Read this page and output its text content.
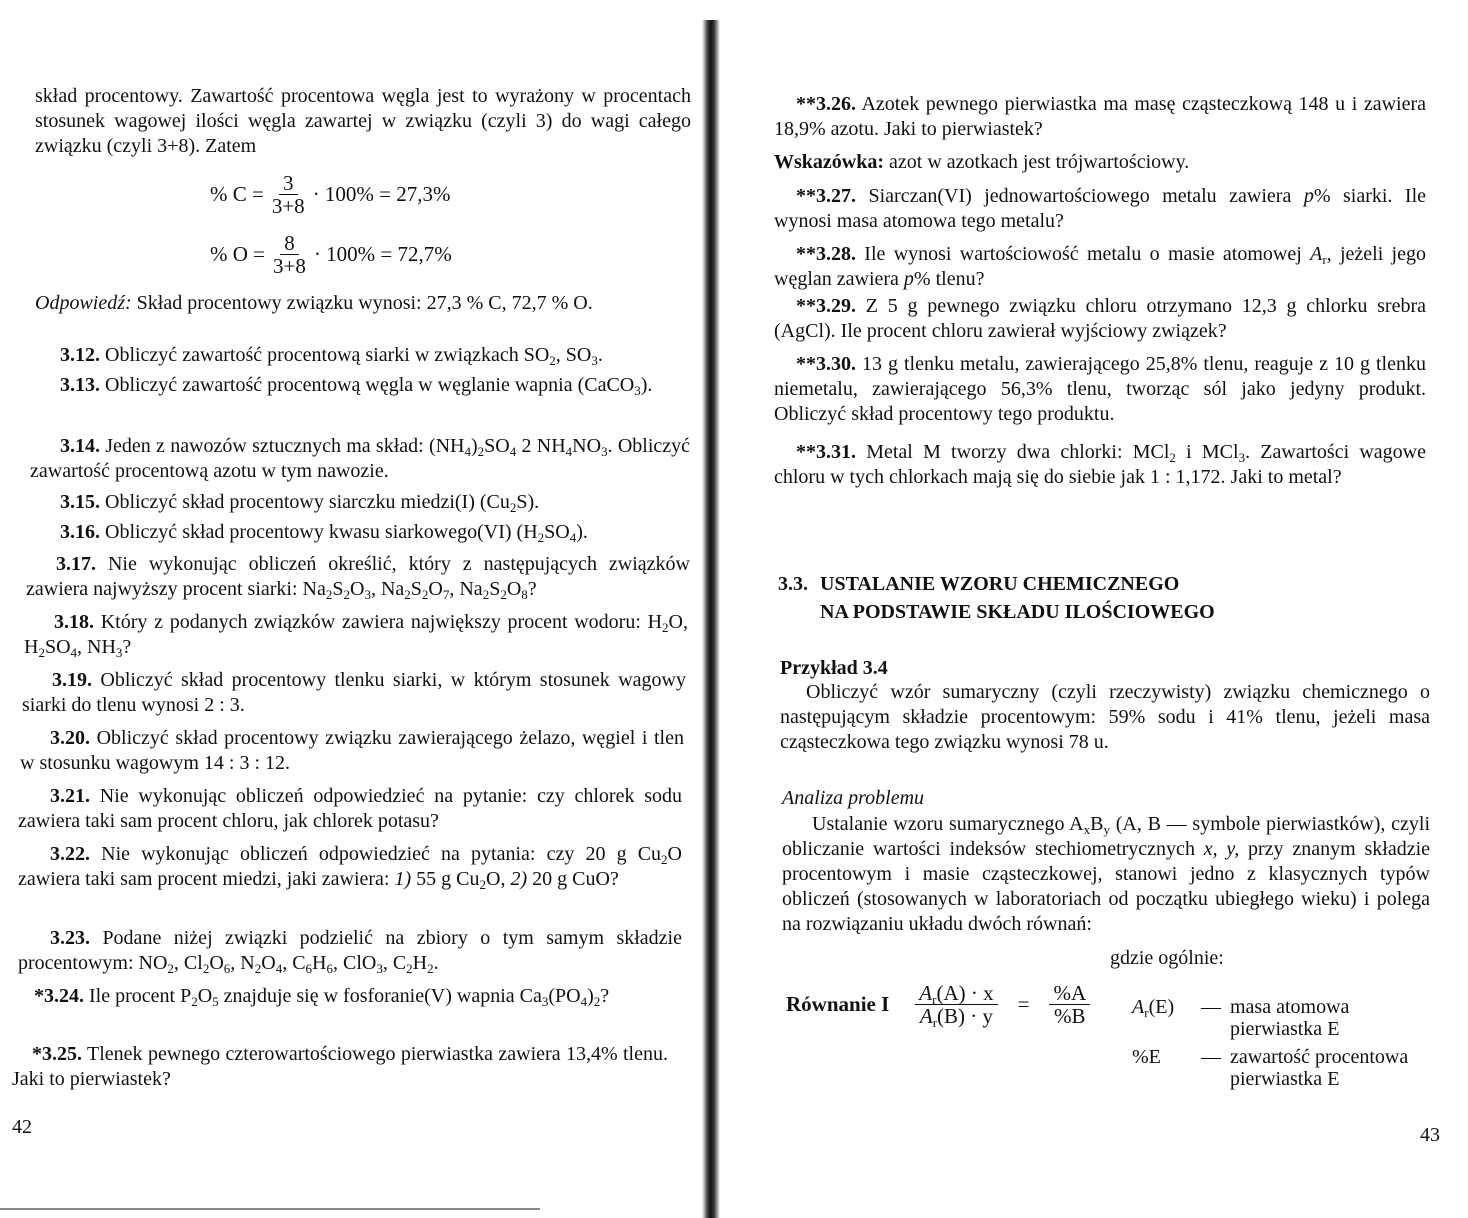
skład procentowy. Zawartość procentowa węgla jest to wyrażony w procentach stosunek wagowej ilości węgla zawartej w związku (czyli 3) do wagi całego związku (czyli 3+8). Zatem
% $C = \frac{3}{3+8} \cdot 100\% = 27,3\%$
% $O = \frac{8}{3+8} \cdot 100\% = 72,7\%$
Odpowiedź: Skład procentowy związku wynosi: 27,3 % C, 72,7 % O.
3.12. Obliczyć zawartość procentową siarki w związkach $SO_2$, $SO_3$.
3.13. Obliczyć zawartość procentową węgla w węglanie wapnia (CaCO$_3$).
3.14. Jeden z nawozów sztucznych ma skład: $(NH_4)_2SO_4$ 2 $NH_4NO_3$. Obliczyć zawartość procentową azotu w tym nawozie.
3.15. Obliczyć skład procentowy siarczku miedzi(I) $(Cu_2S)$.
3.16. Obliczyć skład procentowy kwasu siarkowego(VI) $(H_2SO_4)$.
3.17. Nie wykonując obliczeń określić, który z następujących związków zawiera najwyższy procent siarki: $Na_2S_2O_3$, $Na_2S_2O_7$, $Na_2S_2O_8$?
3.18. Który z podanych związków zawiera największy procent wodoru: $H_2O$, $H_2SO_4$, $NH_3$?
3.19. Obliczyć skład procentowy tlenku siarki, w którym stosunek wagowy siarki do tlenu wynosi 2 : 3.
3.20. Obliczyć skład procentowy związku zawierającego żelazo, węgiel i tlen w stosunku wagowym 14 : 3 : 12.
3.21. Nie wykonując obliczeń odpowiedzieć na pytanie: czy chlorek sodu zawiera taki sam procent chloru, jak chlorek potasu?
3.22. Nie wykonując obliczeń odpowiedzieć na pytania: czy 20 g $Cu_2O$ zawiera taki sam procent miedzi, jaki zawiera: 1) 55 g $Cu_2O$, 2) 20 g CuO?
3.23. Podane niżej związki podzielić na zbiory o tym samym składzie procentowym: $NO_2$, $Cl_2O_6$, $N_2O_4$, $C_6H_6$, ClO$_3$, $C_2H_2$.
*3.24. Ile procent $P_2O_5$ znajduje się w fosforanie(V) wapnia $Ca_3(PO_4)_2$?
*3.25. Tlenek pewnego czterowartościowego pierwiastka zawiera 13,4% tlenu. Jaki to pierwiastek?
42
**3.26. Azotek pewnego pierwiastka ma masę cząsteczkową 148 u i zawiera 18,9% azotu. Jaki to pierwiastek?
Wskazówka: azot w azotkach jest trójwartościowy.
**3.27. Siarczan(VI) jednowartościowego metalu zawiera p% siarki. Ile wynosi masa atomowa tego metalu?
**3.28. Ile wynosi wartościowość metalu o masie atomowej $A_r$, jeżeli jego węglan zawiera p% tlenu?
**3.29. Z 5 g pewnego związku chloru otrzymano 12,3 g chlorku srebra (AgCl). Ile procent chloru zawierał wyjściowy związek?
**3.30. 13 g tlenku metalu, zawierającego 25,8% tlenu, reaguje z 10 g tlenku niemetalu, zawierającego 56,3% tlenu, tworząc sól jako jedyny produkt. Obliczyć skład procentowy tego produktu.
**3.31. Metal M tworzy dwa chlorki: MCl$_2$ i MCl$_3$. Zawartości wagowe chloru w tych chlorkach mają się do siebie jak 1 : 1,172. Jaki to metal?
3.3. USTALANIE WZORU CHEMICZNEGO
NA PODSTAWIE SKŁADU ILOŚCIOWEGO
Przykład 3.4
Obliczyć wzór sumaryczny (czyli rzeczywisty) związku chemicznego o następującym składzie procentowym: 59% sodu i 41% tlenu, jeżeli masa cząsteczkowa tego związku wynosi 78 u.
Analiza problemu
Ustalanie wzoru sumarycznego $A_xB_y$ (A, B — symbole pierwiastków), czyli obliczanie wartości indeksów stechiometrycznych x, y, przy znanym składzie procentowym i masie cząsteczkowej, stanowi jedno z klasycznych typów obliczeń (stosowanych w laboratoriach od początku ubiegłego wieku) i polega na rozwiązaniu układu dwóch równań:
gdzie ogólnie:
Równanie I $\frac{A_r(A) \cdot x}{A_r(B) \cdot y} = \frac{\%A}{\%B} A_r(E)$	— masa atomowa pierwiastka E
%E	— zawartość procentowa pierwiastka E
43
